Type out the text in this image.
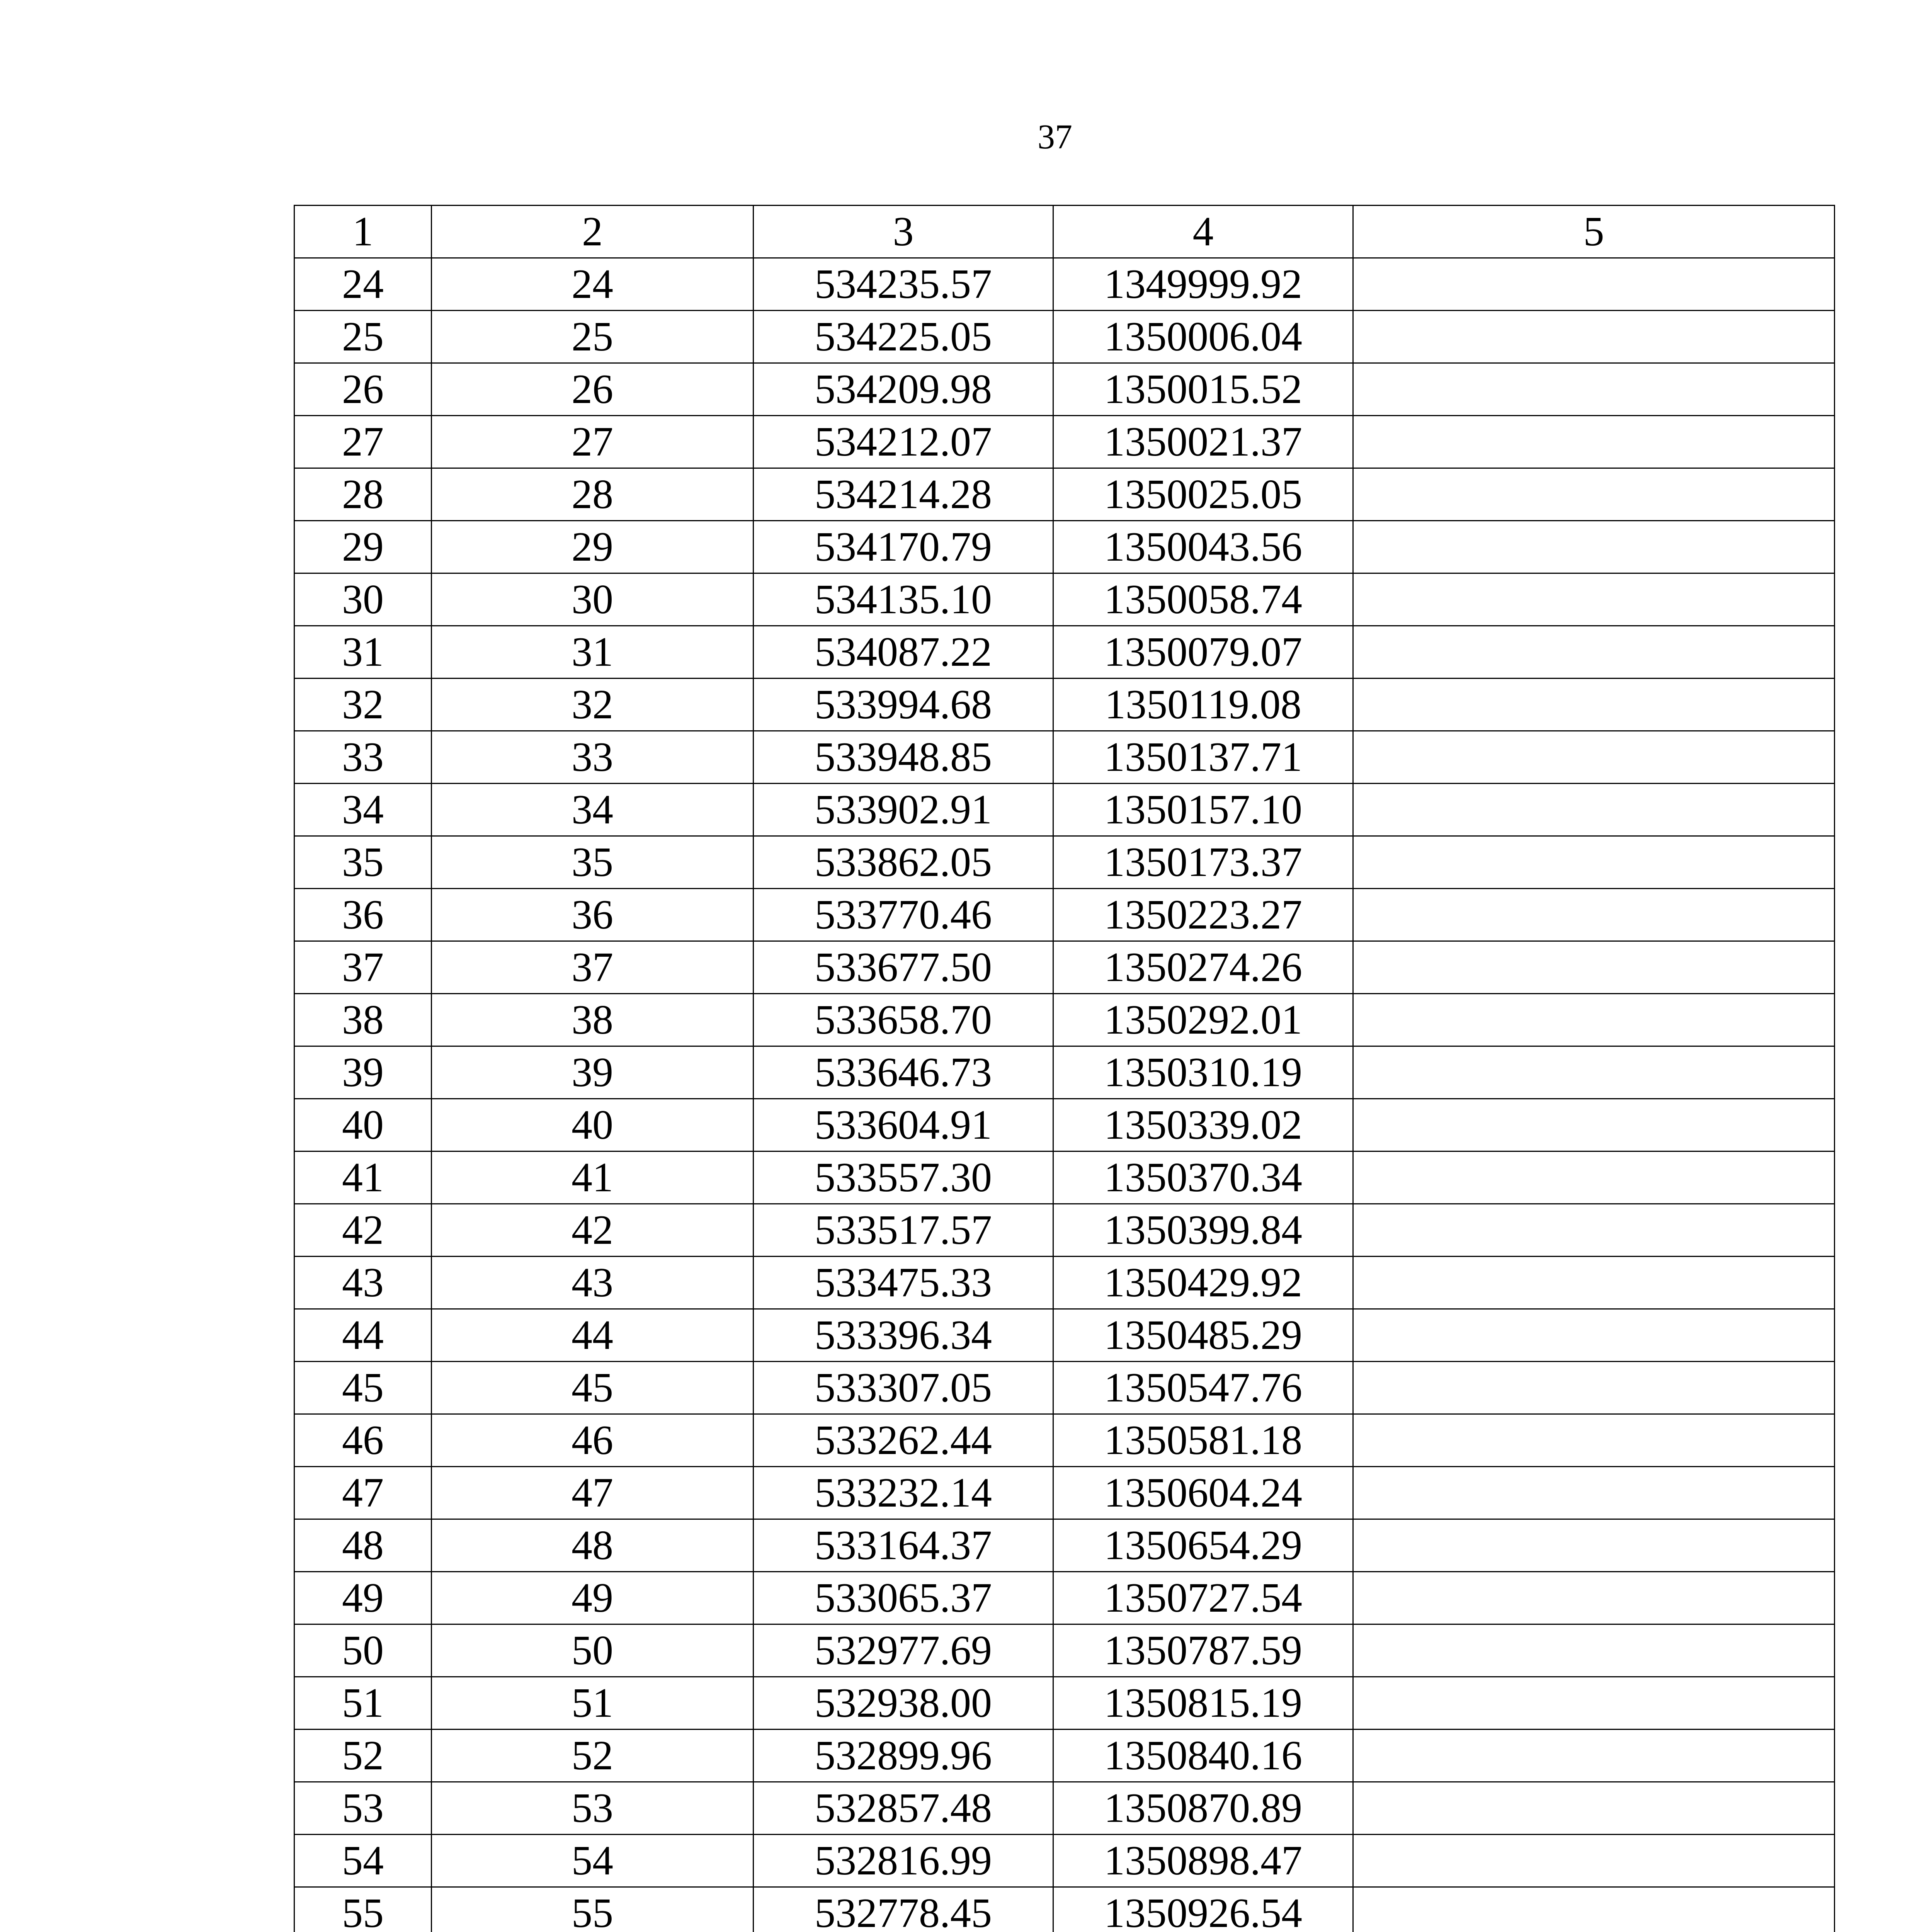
37
1	2	3	4	5
24	24	534235.57	1349999.92	
25	25	534225.05	1350006.04	
26	26	534209.98	1350015.52	
27	27	534212.07	1350021.37	
28	28	534214.28	1350025.05	
29	29	534170.79	1350043.56	
30	30	534135.10	1350058.74	
31	31	534087.22	1350079.07	
32	32	533994.68	1350119.08	
33	33	533948.85	1350137.71	
34	34	533902.91	1350157.10	
35	35	533862.05	1350173.37	
36	36	533770.46	1350223.27	
37	37	533677.50	1350274.26	
38	38	533658.70	1350292.01	
39	39	533646.73	1350310.19	
40	40	533604.91	1350339.02	
41	41	533557.30	1350370.34	
42	42	533517.57	1350399.84	
43	43	533475.33	1350429.92	
44	44	533396.34	1350485.29	
45	45	533307.05	1350547.76	
46	46	533262.44	1350581.18	
47	47	533232.14	1350604.24	
48	48	533164.37	1350654.29	
49	49	533065.37	1350727.54	
50	50	532977.69	1350787.59	
51	51	532938.00	1350815.19	
52	52	532899.96	1350840.16	
53	53	532857.48	1350870.89	
54	54	532816.99	1350898.47	
55	55	532778.45	1350926.54	
